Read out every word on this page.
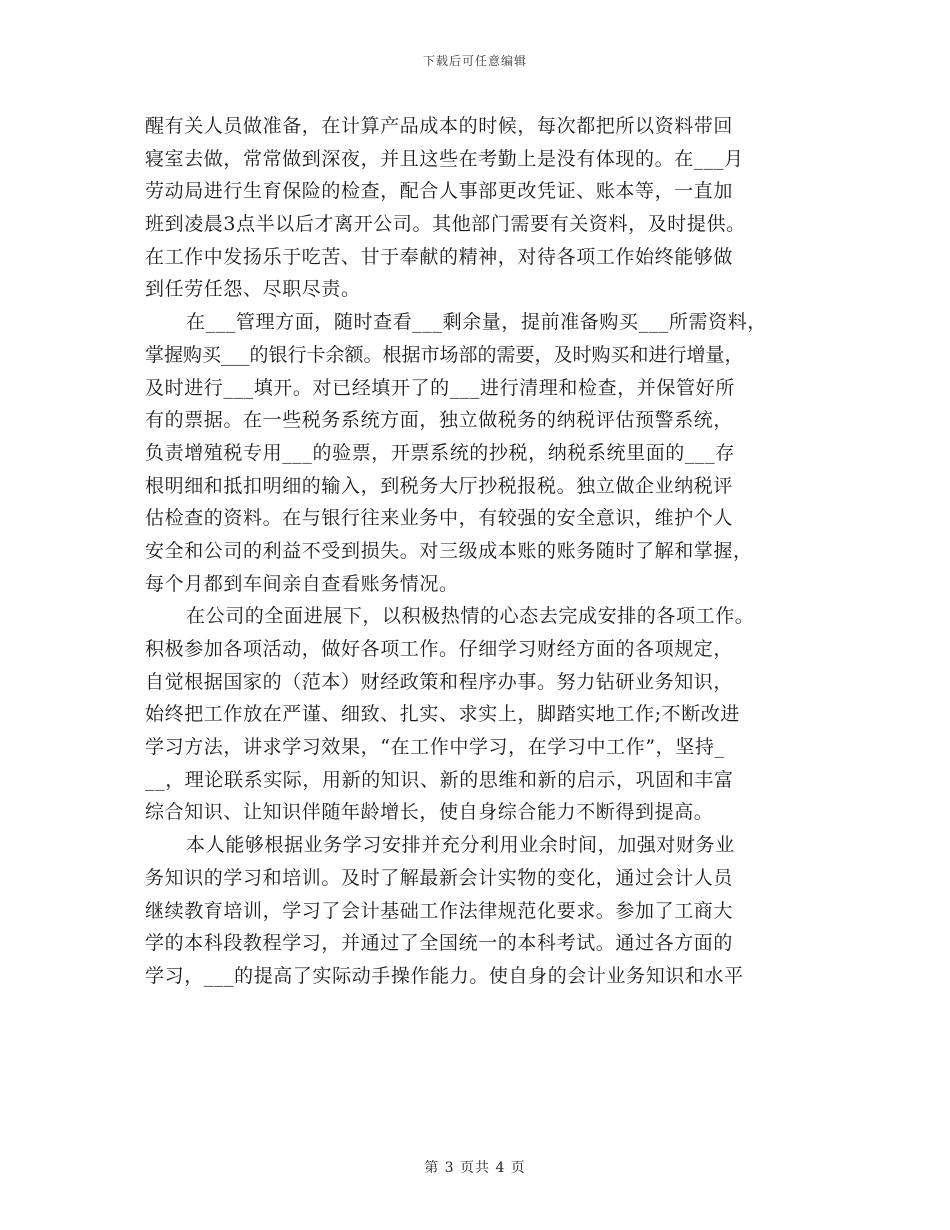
下载后可任意编辑
醒有关人员做准备，在计算产品成本的时候，每次都把所以资料带回
寝室去做，常常做到深夜，并且这些在考勤上是没有体现的。在___月
劳动局进行生育保险的检查，配合人事部更改凭证、账本等，一直加
班到凌晨3点半以后才离开公司。其他部门需要有关资料，及时提供。
在工作中发扬乐于吃苦、甘于奉献的精神，对待各项工作始终能够做
到任劳任怨、尽职尽责。
在___管理方面，随时查看___剩余量，提前准备购买___所需资料，
掌握购买___的银行卡余额。根据市场部的需要，及时购买和进行增量，
及时进行___填开。对已经填开了的___进行清理和检查，并保管好所
有的票据。在一些税务系统方面，独立做税务的纳税评估预警系统，
负责增殖税专用___的验票，开票系统的抄税，纳税系统里面的___存
根明细和抵扣明细的输入，到税务大厅抄税报税。独立做企业纳税评
估检查的资料。在与银行往来业务中，有较强的安全意识，维护个人
安全和公司的利益不受到损失。对三级成本账的账务随时了解和掌握，
每个月都到车间亲自查看账务情况。
在公司的全面进展下，以积极热情的心态去完成安排的各项工作。
积极参加各项活动，做好各项工作。仔细学习财经方面的各项规定，
自觉根据国家的（范本）财经政策和程序办事。努力钻研业务知识，
始终把工作放在严谨、细致、扎实、求实上，脚踏实地工作;不断改进
学习方法，讲求学习效果，“在工作中学习，在学习中工作”，坚持_
__，理论联系实际，用新的知识、新的思维和新的启示，巩固和丰富
综合知识、让知识伴随年龄增长，使自身综合能力不断得到提高。
本人能够根据业务学习安排并充分利用业余时间，加强对财务业
务知识的学习和培训。及时了解最新会计实物的变化，通过会计人员
继续教育培训，学习了会计基础工作法律规范化要求。参加了工商大
学的本科段教程学习，并通过了全国统一的本科考试。通过各方面的
学习，___的提高了实际动手操作能力。使自身的会计业务知识和水平
第 3 页共 4 页
